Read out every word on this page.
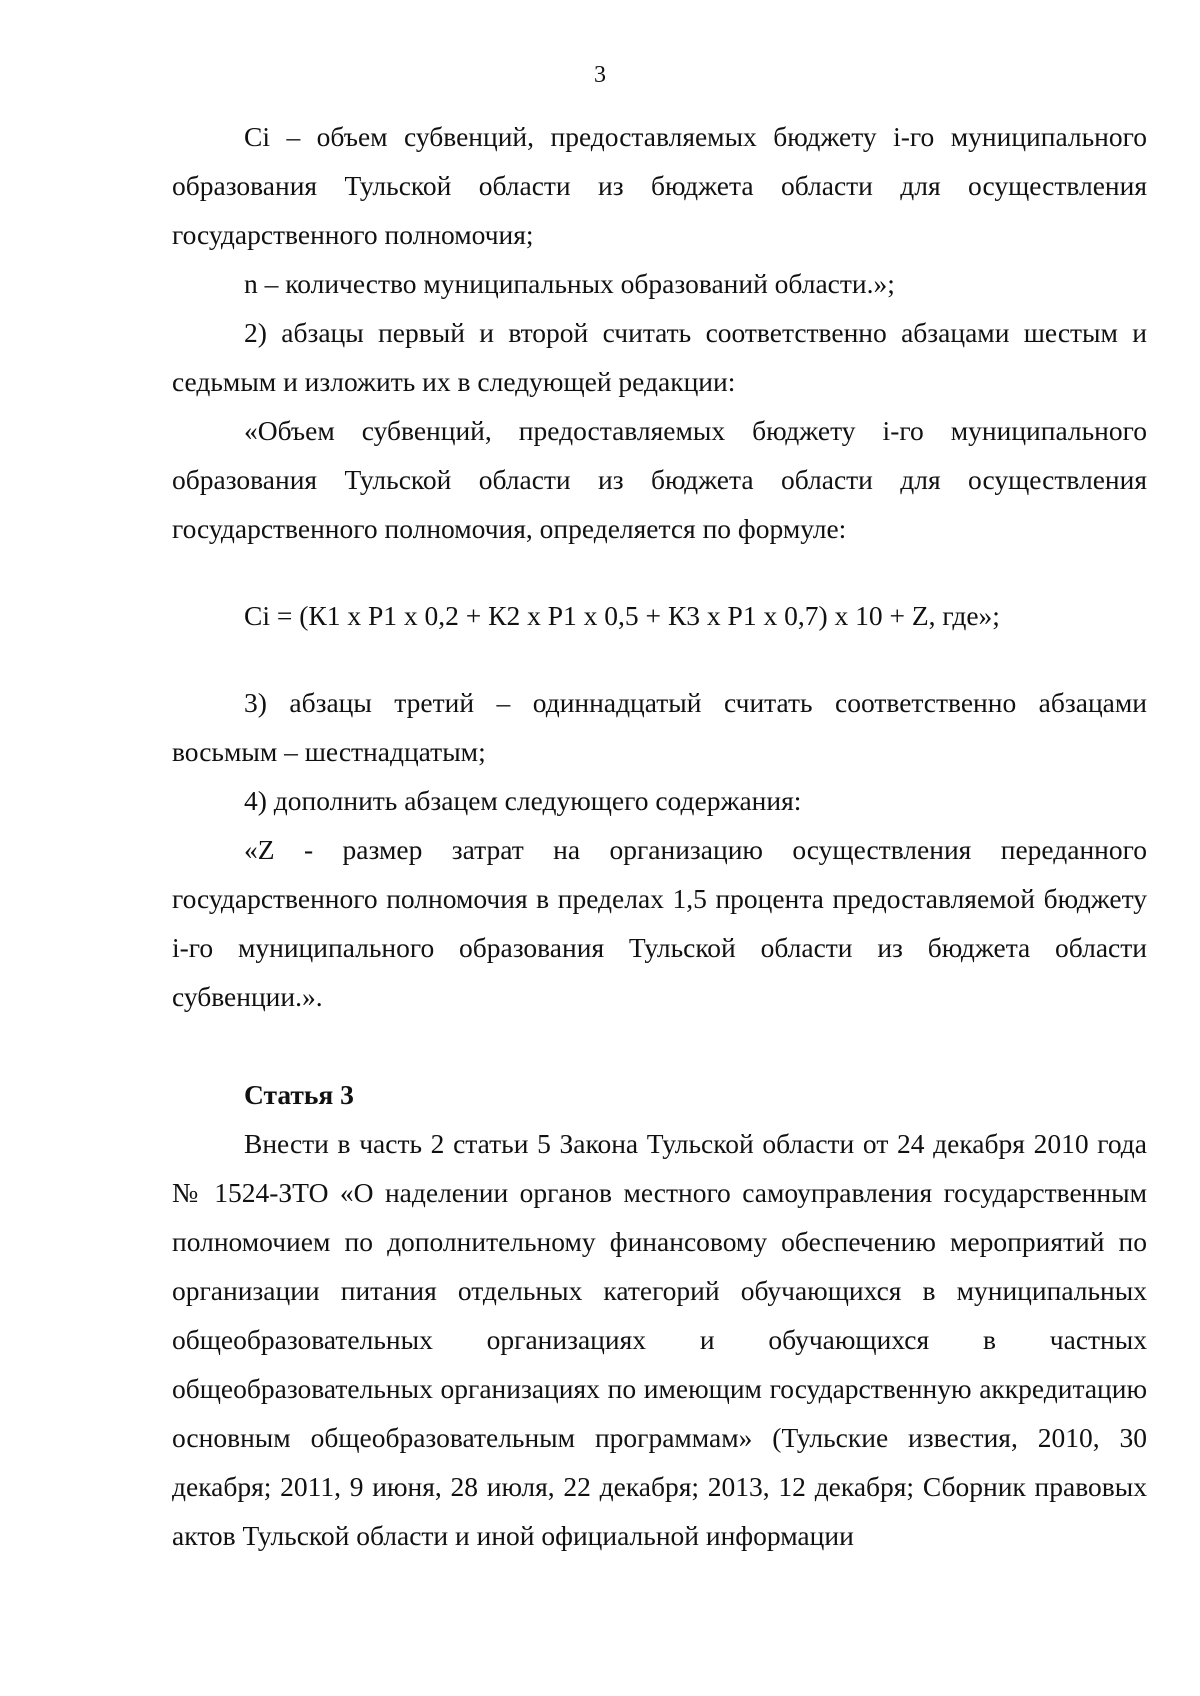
3

Ci – объем субвенций, предоставляемых бюджету i-го муниципального образования Тульской области из бюджета области для осуществления государственного полномочия;

n – количество муниципальных образований области.»;

2) абзацы первый и второй считать соответственно абзацами шестым и седьмым и изложить их в следующей редакции:

«Объем субвенций, предоставляемых бюджету i-го муниципального образования Тульской области из бюджета области для осуществления государственного полномочия, определяется по формуле:

Ci = (К1 х Р1 х 0,2 + К2 х Р1 х 0,5 + К3 х Р1 х 0,7) х 10 + Z, где»;

3) абзацы третий – одиннадцатый считать соответственно абзацами восьмым – шестнадцатым;

4) дополнить абзацем следующего содержания:

«Z - размер затрат на организацию осуществления переданного государственного полномочия в пределах 1,5 процента предоставляемой бюджету i-го муниципального образования Тульской области из бюджета области субвенции.».

Статья 3

Внести в часть 2 статьи 5 Закона Тульской области от 24 декабря 2010 года № 1524-ЗТО «О наделении органов местного самоуправления государственным полномочием по дополнительному финансовому обеспечению мероприятий по организации питания отдельных категорий обучающихся в муниципальных общеобразовательных организациях и обучающихся в частных общеобразовательных организациях по имеющим государственную аккредитацию основным общеобразовательным программам» (Тульские известия, 2010, 30 декабря; 2011, 9 июня, 28 июля, 22 декабря; 2013, 12 декабря; Сборник правовых актов Тульской области и иной официальной информации
